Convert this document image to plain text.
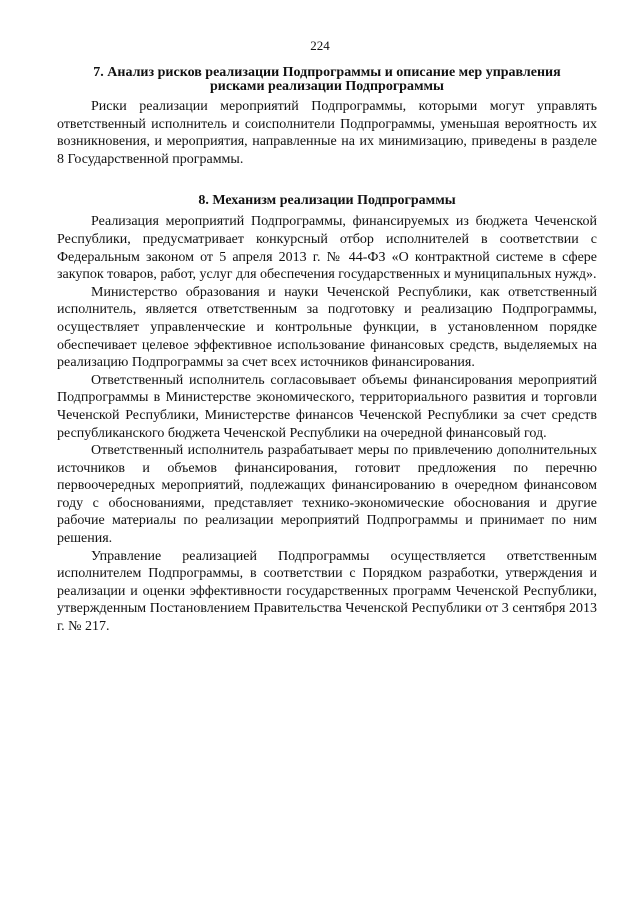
224
7. Анализ рисков реализации Подпрограммы и описание мер управления рисками реализации Подпрограммы

Риски реализации мероприятий Подпрограммы, которыми могут управлять ответственный исполнитель и соисполнители Подпрограммы, уменьшая вероятность их возникновения, и мероприятия, направленные на их минимизацию, приведены в разделе 8 Государственной программы.

8. Механизм реализации Подпрограммы

Реализация мероприятий Подпрограммы, финансируемых из бюджета Чеченской Республики, предусматривает конкурсный отбор исполнителей в соответствии с Федеральным законом от 5 апреля 2013 г. № 44-ФЗ «О контрактной системе в сфере закупок товаров, работ, услуг для обеспечения государственных и муниципальных нужд».

Министерство образования и науки Чеченской Республики, как ответственный исполнитель, является ответственным за подготовку и реализацию Подпрограммы, осуществляет управленческие и контрольные функции, в установленном порядке обеспечивает целевое эффективное использование финансовых средств, выделяемых на реализацию Подпрограммы за счет всех источников финансирования.

Ответственный исполнитель согласовывает объемы финансирования мероприятий Подпрограммы в Министерстве экономического, территориального развития и торговли Чеченской Республики, Министерстве финансов Чеченской Республики за счет средств республиканского бюджета Чеченской Республики на очередной финансовый год.

Ответственный исполнитель разрабатывает меры по привлечению дополнительных источников и объемов финансирования, готовит предложения по перечню первоочередных мероприятий, подлежащих финансированию в очередном финансовом году с обоснованиями, представляет технико-экономические обоснования и другие рабочие материалы по реализации мероприятий Подпрограммы и принимает по ним решения.

Управление реализацией Подпрограммы осуществляется ответственным исполнителем Подпрограммы, в соответствии с Порядком разработки, утверждения и реализации и оценки эффективности государственных программ Чеченской Республики, утвержденным Постановлением Правительства Чеченской Республики от 3 сентября 2013 г. № 217.
